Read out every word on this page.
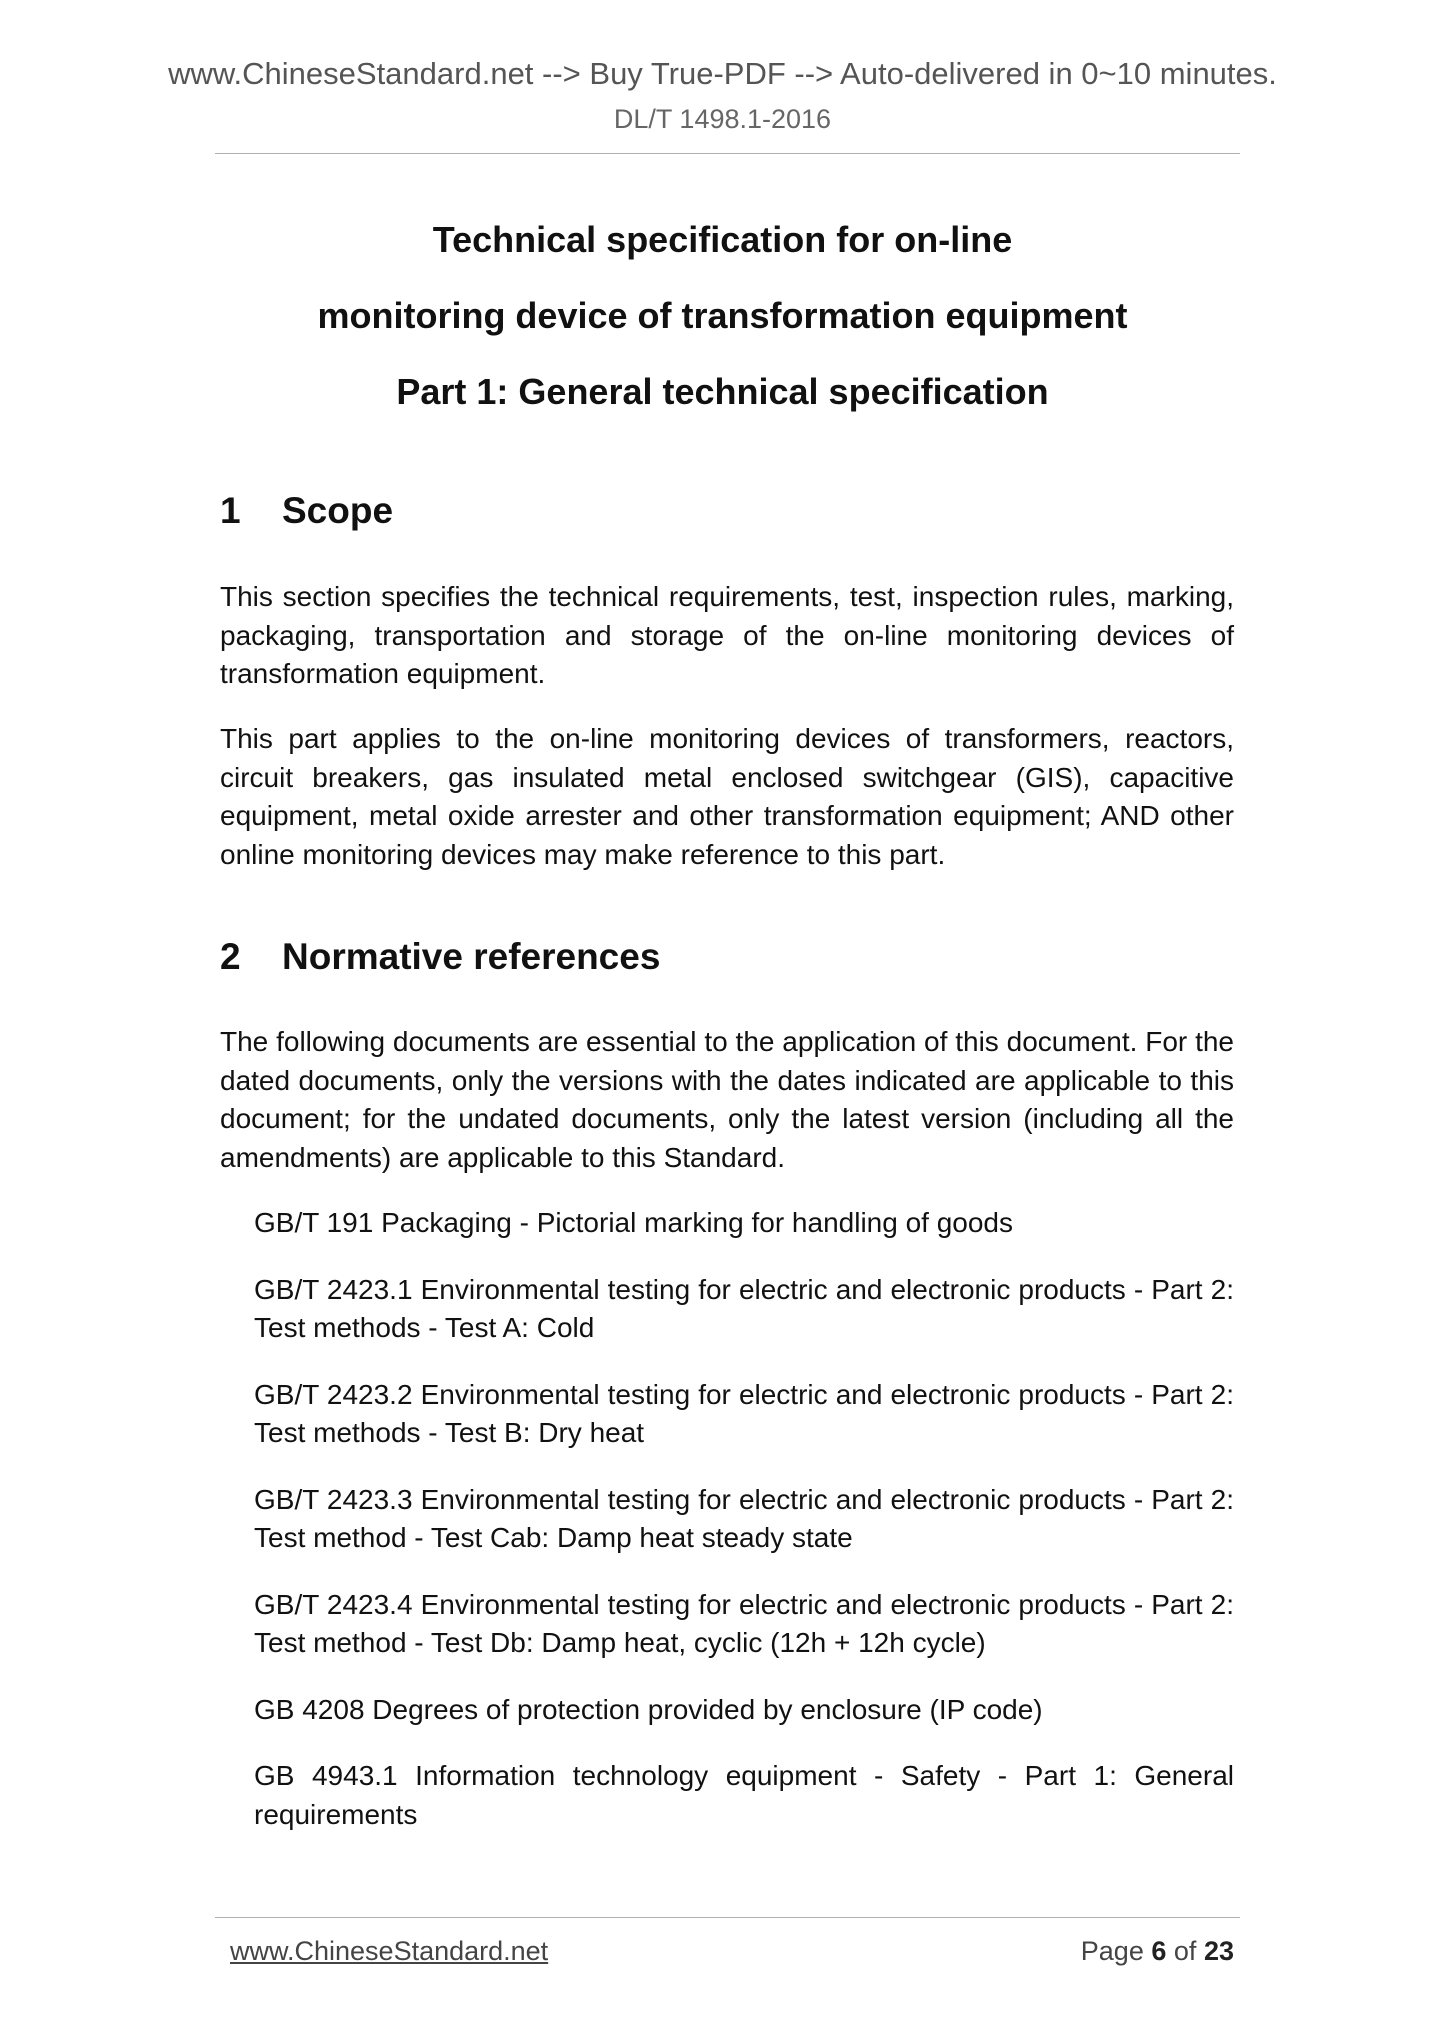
www.ChineseStandard.net --> Buy True-PDF --> Auto-delivered in 0~10 minutes.
DL/T 1498.1-2016
Technical specification for on-line
monitoring device of transformation equipment
Part 1: General technical specification
1	Scope

This section specifies the technical requirements, test, inspection rules, marking, packaging, transportation and storage of the on-line monitoring devices of transformation equipment.

This part applies to the on-line monitoring devices of transformers, reactors, circuit breakers, gas insulated metal enclosed switchgear (GIS), capacitive equipment, metal oxide arrester and other transformation equipment; AND other online monitoring devices may make reference to this part.

2	Normative references

The following documents are essential to the application of this document. For the dated documents, only the versions with the dates indicated are applicable to this document; for the undated documents, only the latest version (including all the amendments) are applicable to this Standard.

GB/T 191 Packaging - Pictorial marking for handling of goods
GB/T 2423.1 Environmental testing for electric and electronic products - Part 2: Test methods - Test A: Cold
GB/T 2423.2 Environmental testing for electric and electronic products - Part 2: Test methods - Test B: Dry heat
GB/T 2423.3 Environmental testing for electric and electronic products - Part 2: Test method - Test Cab: Damp heat steady state
GB/T 2423.4 Environmental testing for electric and electronic products - Part 2: Test method - Test Db: Damp heat, cyclic (12h + 12h cycle)
GB 4208 Degrees of protection provided by enclosure (IP code)
GB 4943.1 Information technology equipment - Safety - Part 1: General requirements
www.ChineseStandard.net	Page 6 of 23
